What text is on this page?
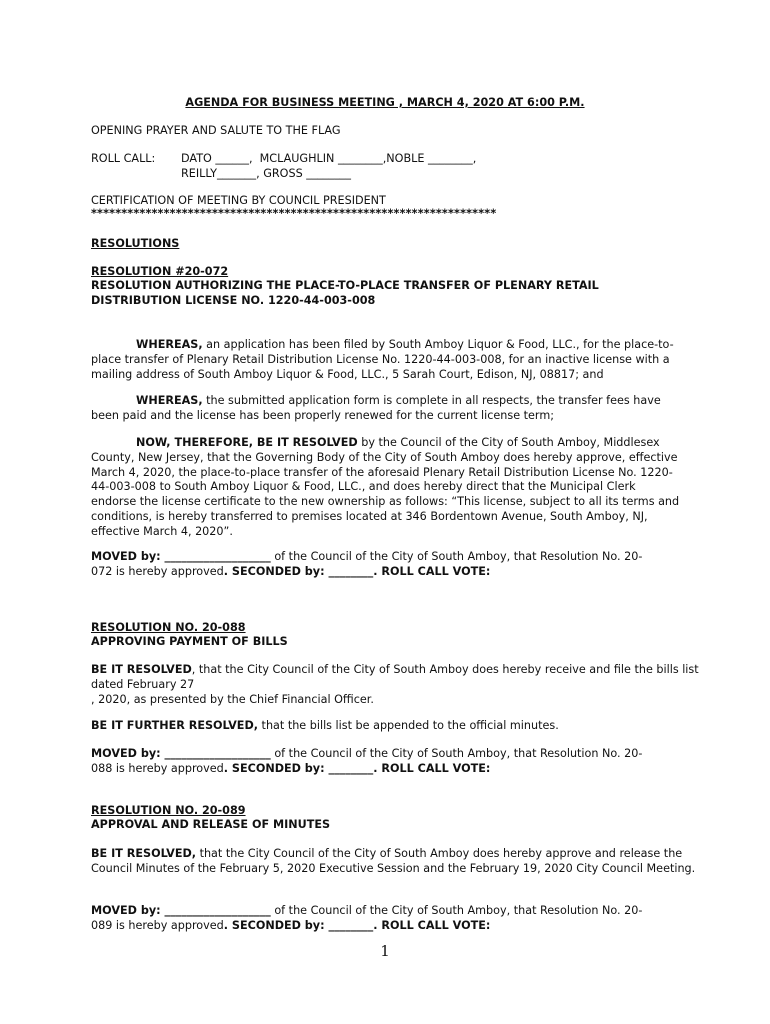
AGENDA FOR BUSINESS MEETING , MARCH 4, 2020 AT 6:00 P.M.
OPENING PRAYER AND SALUTE TO THE FLAG
ROLL CALL: DATO ______,  MCLAUGHLIN ________,NOBLE ________,
REILLY_______, GROSS ________
CERTIFICATION OF MEETING BY COUNCIL PRESIDENT
*******************************************************************
RESOLUTIONS
RESOLUTION #20-072
RESOLUTION AUTHORIZING THE PLACE-TO-PLACE TRANSFER OF PLENARY RETAIL DISTRIBUTION LICENSE NO. 1220-44-003-008
WHEREAS, an application has been filed by South Amboy Liquor & Food, LLC., for the place-to-place transfer of Plenary Retail Distribution License No. 1220-44-003-008, for an inactive license with a mailing address of South Amboy Liquor & Food, LLC., 5 Sarah Court, Edison, NJ, 08817; and
WHEREAS, the submitted application form is complete in all respects, the transfer fees have been paid and the license has been properly renewed for the current license term;
NOW, THEREFORE, BE IT RESOLVED by the Council of the City of South Amboy, Middlesex County, New Jersey, that the Governing Body of the City of South Amboy does hereby approve, effective March 4, 2020, the place-to-place transfer of the aforesaid Plenary Retail Distribution License No. 1220-44-003-008 to South Amboy Liquor & Food, LLC., and does hereby direct that the Municipal Clerk endorse the license certificate to the new ownership as follows: “This license, subject to all its terms and conditions, is hereby transferred to premises located at 346 Bordentown Avenue, South Amboy, NJ, effective March 4, 2020”.
MOVED by: ___________________ of the Council of the City of South Amboy, that Resolution No. 20-072 is hereby approved. SECONDED by: ________. ROLL CALL VOTE:
RESOLUTION NO. 20-088
APPROVING PAYMENT OF BILLS
BE IT RESOLVED, that the City Council of the City of South Amboy does hereby receive and file the bills list dated February 27
, 2020, as presented by the Chief Financial Officer.
BE IT FURTHER RESOLVED, that the bills list be appended to the official minutes.
MOVED by: ___________________ of the Council of the City of South Amboy, that Resolution No. 20-088 is hereby approved. SECONDED by: ________. ROLL CALL VOTE:
RESOLUTION NO. 20-089
APPROVAL AND RELEASE OF MINUTES
BE IT RESOLVED, that the City Council of the City of South Amboy does hereby approve and release the Council Minutes of the February 5, 2020 Executive Session and the February 19, 2020 City Council Meeting.
MOVED by: ___________________ of the Council of the City of South Amboy, that Resolution No. 20-089 is hereby approved. SECONDED by: ________. ROLL CALL VOTE:
1
